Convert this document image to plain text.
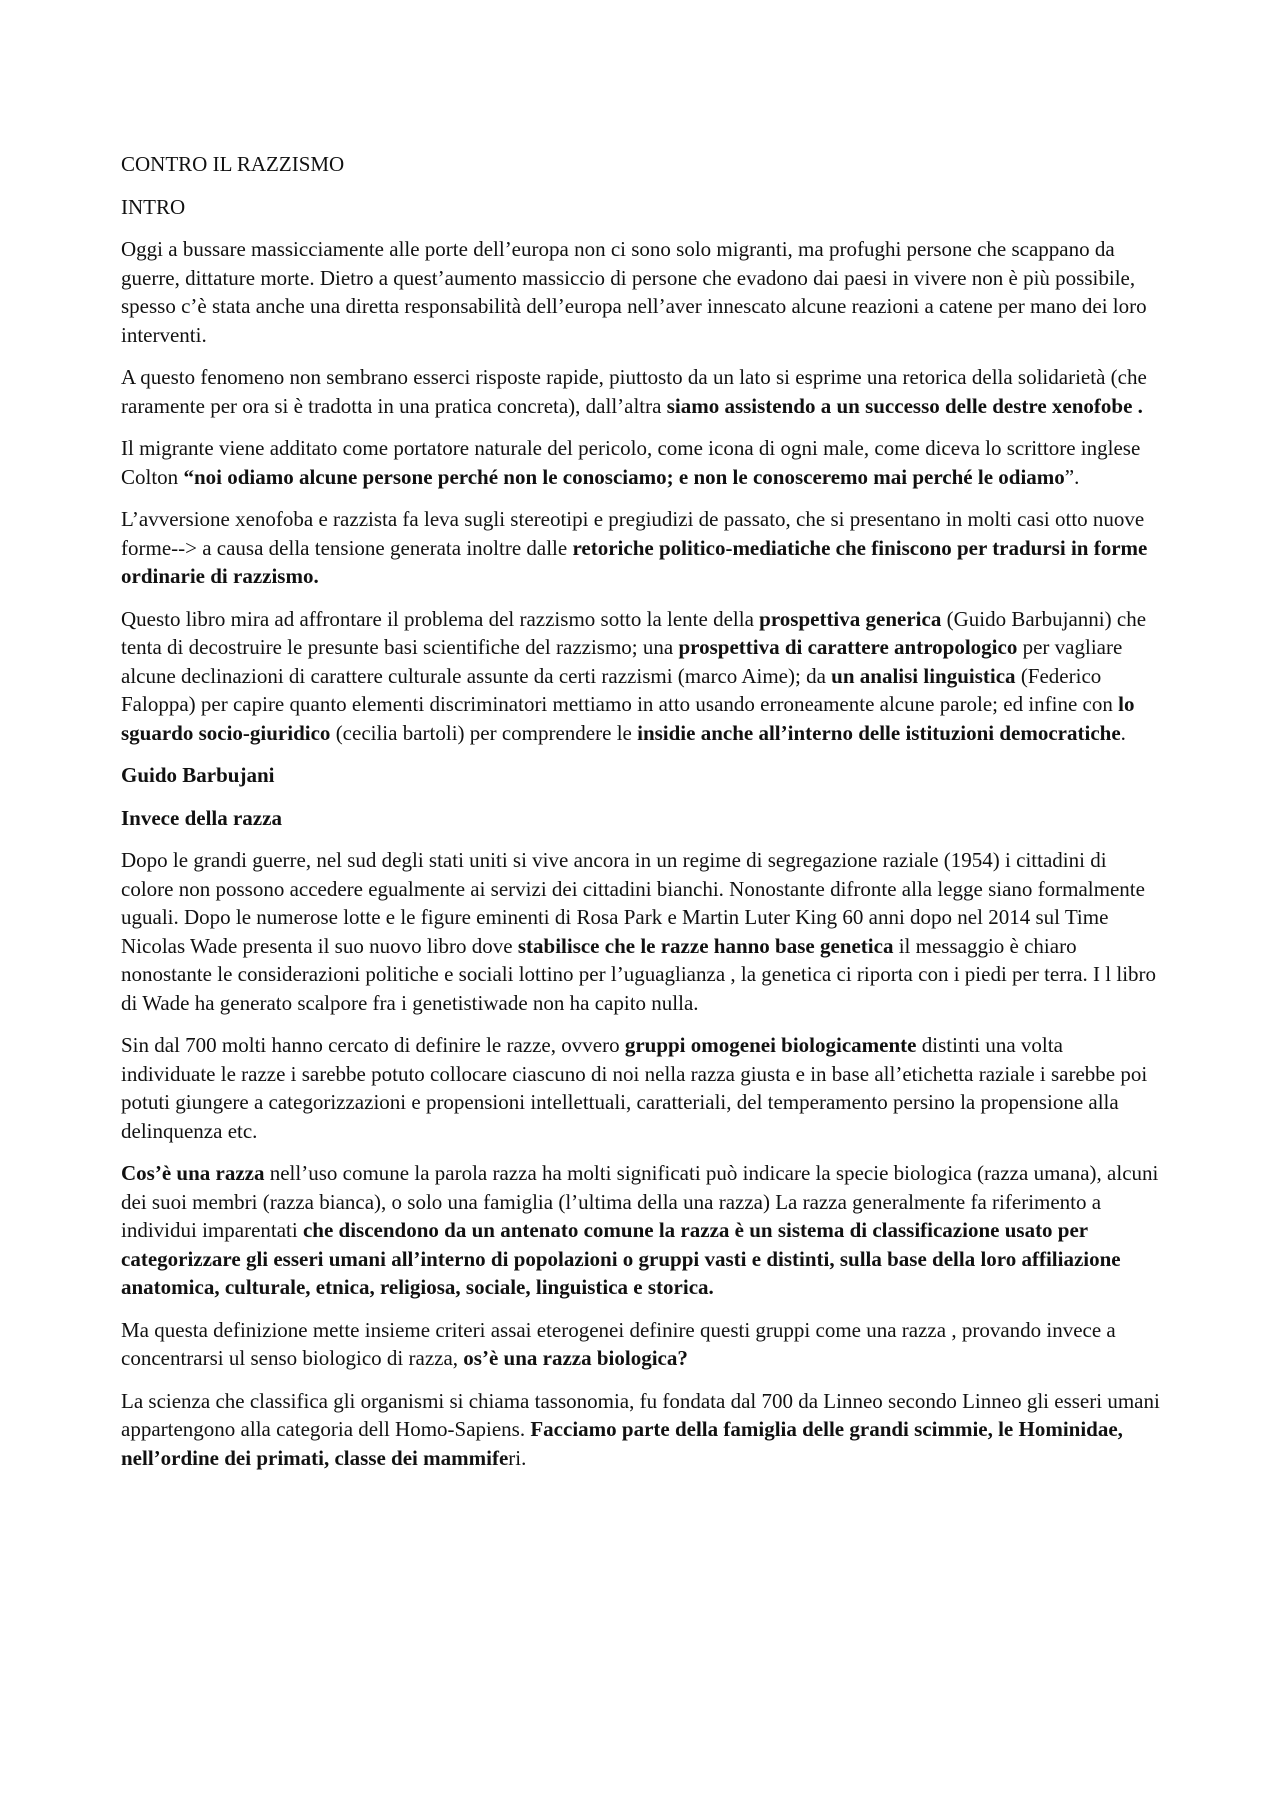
CONTRO IL RAZZISMO

INTRO

Oggi a bussare massicciamente alle porte dell’europa non ci sono solo migranti, ma profughi persone che scappano da guerre, dittature morte. Dietro a quest’aumento massiccio di persone che evadono dai paesi in vivere non è più possibile, spesso c’è stata anche una diretta responsabilità dell’europa nell’aver innescato alcune reazioni a catene per mano dei loro interventi.

A questo fenomeno non sembrano esserci risposte rapide, piuttosto da un lato si esprime una retorica della solidarietà (che raramente per ora si è tradotta in una pratica concreta), dall’altra siamo assistendo a un successo delle destre xenofobe .

Il migrante viene additato come portatore naturale del pericolo, come icona di ogni male, come diceva lo scrittore inglese Colton “noi odiamo alcune persone perché non le conosciamo; e non le conosceremo mai perché le odiamo”.

L’avversione xenofoba e razzista fa leva sugli stereotipi e pregiudizi de passato, che si presentano in molti casi otto nuove forme--> a causa della tensione generata inoltre dalle retoriche politico-mediatiche che finiscono per tradursi in forme ordinarie di razzismo.

Questo libro mira ad affrontare il problema del razzismo sotto la lente della prospettiva generica (Guido Barbujanni) che tenta di decostruire le presunte basi scientifiche del razzismo; una prospettiva di carattere antropologico per vagliare alcune declinazioni di carattere culturale assunte da certi razzismi (marco Aime); da un analisi linguistica (Federico Faloppa) per capire quanto elementi discriminatori mettiamo in atto usando erroneamente alcune parole; ed infine con lo sguardo socio-giuridico (cecilia bartoli) per comprendere le insidie anche all’interno delle istituzioni democratiche.

Guido Barbujani

Invece della razza

Dopo le grandi guerre, nel sud degli stati uniti si vive ancora in un regime di segregazione raziale (1954) i cittadini di colore non possono accedere egualmente ai servizi dei cittadini bianchi. Nonostante difronte alla legge siano formalmente uguali. Dopo le numerose lotte e le figure eminenti di Rosa Park e Martin Luter King 60 anni dopo nel 2014 sul Time Nicolas Wade presenta il suo nuovo libro dove stabilisce che le razze hanno base genetica il messaggio è chiaro nonostante le considerazioni politiche e sociali lottino per l’uguaglianza , la genetica ci riporta con i piedi per terra. I l libro di Wade ha generato scalpore fra i genetistiwade non ha capito nulla.

Sin dal 700 molti hanno cercato di definire le razze, ovvero gruppi omogenei biologicamente distinti una volta individuate le razze i sarebbe potuto collocare ciascuno di noi nella razza giusta e in base all’etichetta raziale i sarebbe poi potuti giungere a categorizzazioni e propensioni intellettuali, caratteriali, del temperamento persino la propensione alla delinquenza etc.

Cos’è una razza nell’uso comune la parola razza ha molti significati può indicare la specie biologica (razza umana), alcuni dei suoi membri (razza bianca), o solo una famiglia (l’ultima della una razza) La razza generalmente fa riferimento a individui imparentati che discendono da un antenato comune la razza è un sistema di classificazione usato per categorizzare gli esseri umani all’interno di popolazioni o gruppi vasti e distinti, sulla base della loro affiliazione anatomica, culturale, etnica, religiosa, sociale, linguistica e storica.

Ma questa definizione mette insieme criteri assai eterogenei definire questi gruppi come una razza , provando invece a concentrarsi ul senso biologico di razza, os’è una razza biologica?

La scienza che classifica gli organismi si chiama tassonomia, fu fondata dal 700 da Linneo secondo Linneo gli esseri umani appartengono alla categoria dell Homo-Sapiens. Facciamo parte della famiglia delle grandi scimmie, le Hominidae, nell’ordine dei primati, classe dei mammiferi.
